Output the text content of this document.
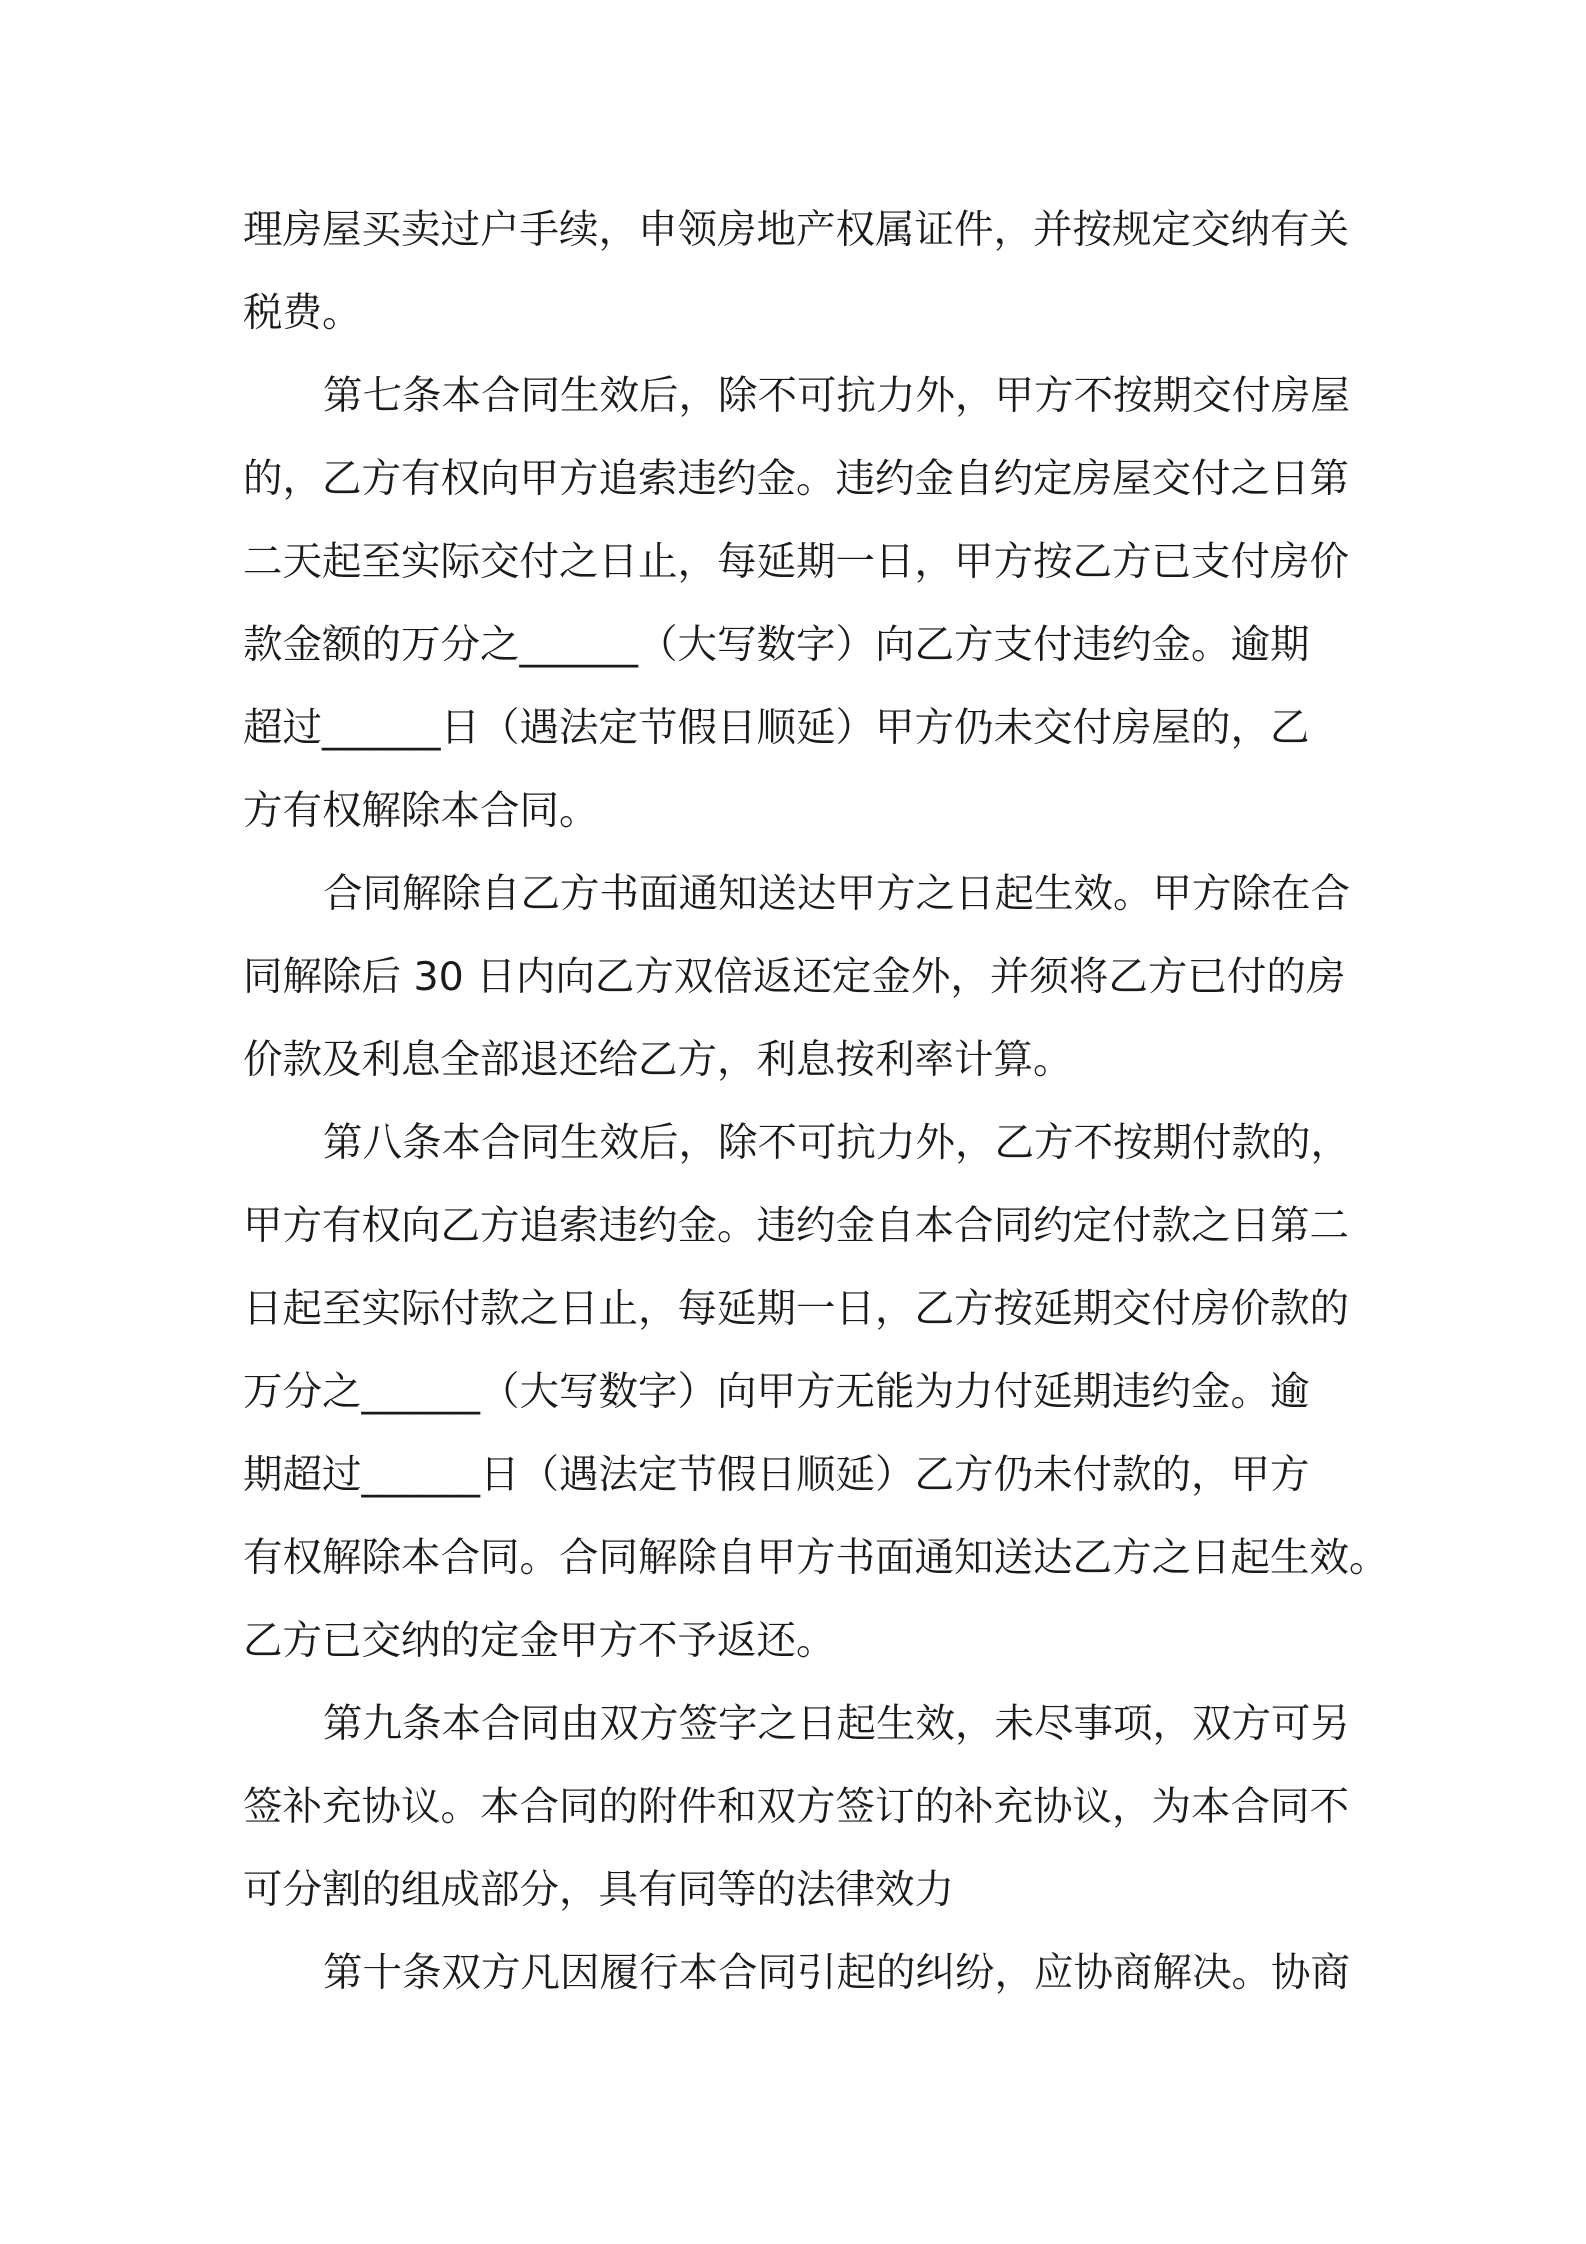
理房屋买卖过户手续，申领房地产权属证件，并按规定交纳有关
税费。
第七条本合同生效后，除不可抗力外，甲方不按期交付房屋
的，乙方有权向甲方追索违约金。违约金自约定房屋交付之日第
二天起至实际交付之日止，每延期一日，甲方按乙方已支付房价
款金额的万分之______（大写数字）向乙方支付违约金。逾期
超过______日（遇法定节假日顺延）甲方仍未交付房屋的，乙
方有权解除本合同。
合同解除自乙方书面通知送达甲方之日起生效。甲方除在合
同解除后 30 日内向乙方双倍返还定金外，并须将乙方已付的房
价款及利息全部退还给乙方，利息按利率计算。
第八条本合同生效后，除不可抗力外，乙方不按期付款的，
甲方有权向乙方追索违约金。违约金自本合同约定付款之日第二
日起至实际付款之日止，每延期一日，乙方按延期交付房价款的
万分之______（大写数字）向甲方无能为力付延期违约金。逾
期超过______日（遇法定节假日顺延）乙方仍未付款的，甲方
有权解除本合同。合同解除自甲方书面通知送达乙方之日起生效。
乙方已交纳的定金甲方不予返还。
第九条本合同由双方签字之日起生效，未尽事项，双方可另
签补充协议。本合同的附件和双方签订的补充协议，为本合同不
可分割的组成部分，具有同等的法律效力
第十条双方凡因履行本合同引起的纠纷，应协商解决。协商
